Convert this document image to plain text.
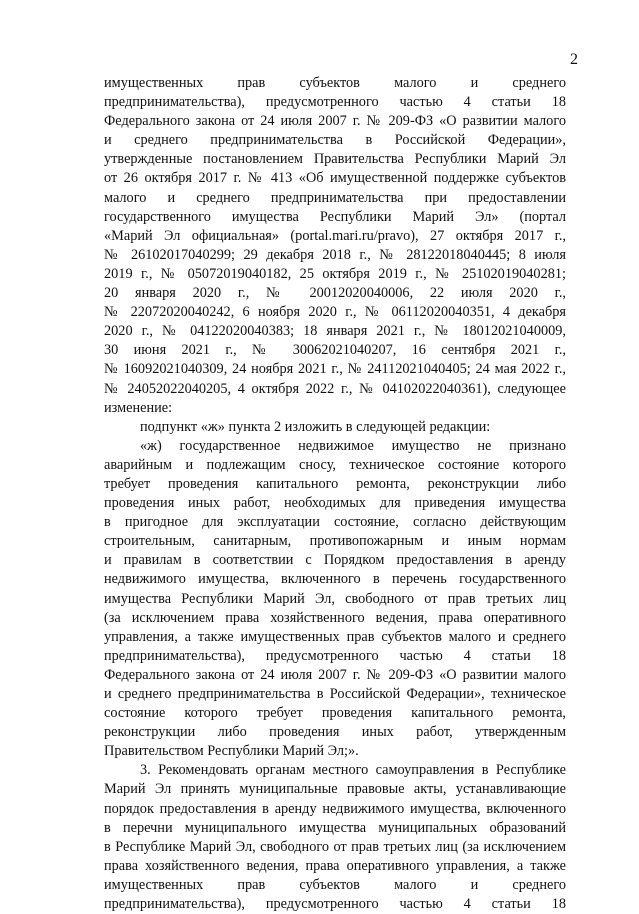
2

имущественных прав субъектов малого и среднего
предпринимательства), предусмотренного частью 4 статьи 18
Федерального закона от 24 июля 2007 г. № 209-ФЗ «О развитии малого
и среднего предпринимательства в Российской Федерации»,
утвержденные постановлением Правительства Республики Марий Эл
от 26 октября 2017 г. № 413 «Об имущественной поддержке субъектов
малого и среднего предпринимательства при предоставлении
государственного имущества Республики Марий Эл» (портал
«Марий Эл официальная» (portal.mari.ru/pravo), 27 октября 2017 г.,
№ 26102017040299; 29 декабря 2018 г., № 28122018040445; 8 июля
2019 г., № 05072019040182, 25 октября 2019 г., № 25102019040281;
20 января 2020 г., № 20012020040006, 22 июля 2020 г.,
№ 22072020040242, 6 ноября 2020 г., № 06112020040351, 4 декабря
2020 г., № 04122020040383; 18 января 2021 г., № 18012021040009,
30 июня 2021 г., № 30062021040207, 16 сентября 2021 г.,
№ 16092021040309, 24 ноября 2021 г., № 24112021040405; 24 мая 2022 г.,
№ 24052022040205, 4 октября 2022 г., № 04102022040361), следующее
изменение:

подпункт «ж» пункта 2 изложить в следующей редакции:

«ж) государственное недвижимое имущество не признано
аварийным и подлежащим сносу, техническое состояние которого
требует проведения капитального ремонта, реконструкции либо
проведения иных работ, необходимых для приведения имущества
в пригодное для эксплуатации состояние, согласно действующим
строительным, санитарным, противопожарным и иным нормам
и правилам в соответствии с Порядком предоставления в аренду
недвижимого имущества, включенного в перечень государственного
имущества Республики Марий Эл, свободного от прав третьих лиц
(за исключением права хозяйственного ведения, права оперативного
управления, а также имущественных прав субъектов малого и среднего
предпринимательства), предусмотренного частью 4 статьи 18
Федерального закона от 24 июля 2007 г. № 209-ФЗ «О развитии малого
и среднего предпринимательства в Российской Федерации», техническое
состояние которого требует проведения капитального ремонта,
реконструкции либо проведения иных работ, утвержденным
Правительством Республики Марий Эл;».

3. Рекомендовать органам местного самоуправления в Республике
Марий Эл принять муниципальные правовые акты, устанавливающие
порядок предоставления в аренду недвижимого имущества, включенного
в перечни муниципального имущества муниципальных образований
в Республике Марий Эл, свободного от прав третьих лиц (за исключением
права хозяйственного ведения, права оперативного управления, а также
имущественных прав субъектов малого и среднего
предпринимательства), предусмотренного частью 4 статьи 18
